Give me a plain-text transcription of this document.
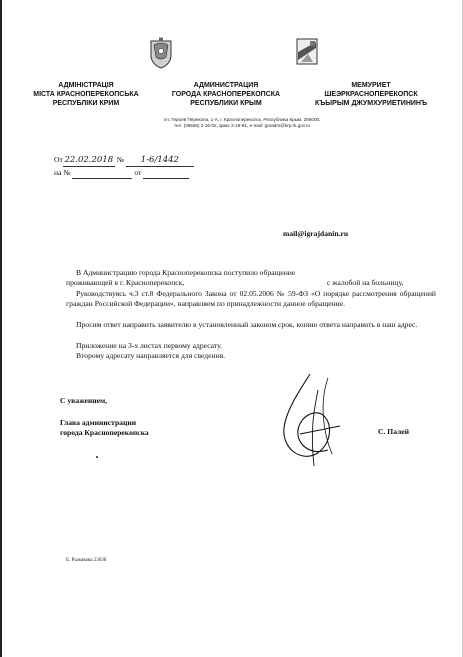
АДМІНІСТРАЦІЯ
МІСТА КРАСНОПЕРЕКОПСЬКА
РЕСПУБЛІКИ КРИМ
АДМИНИСТРАЦИЯ
ГОРОДА КРАСНОПЕРЕКОПСКА
РЕСПУБЛИКИ КРЫМ
МЕМУРИЕТ
ШЕЭРКРАСНОПЕРЕКОПСК
КЪЫРЫМ ДЖУМХУРИЕТИНИНЪ
пл. Героев Перекопа, 1-А, г. Красноперекопск, Республика Крым, 296000,
тел. (06565) 2-16-02, факс 2-18-91, e-mail: goradm@krp.rk.gov.ru
От 22.02.2018 № 1-6/1442
на №	от
mail@igrajdanin.ru
В Администрацию города Красноперекопска поступило обращение
проживающей в г. Красноперекопск,	с жалобой на больницу,
Руководствуясь ч.3 ст.8 Федерального Закона от 02.05.2006 № 59-ФЗ «О порядке рассмотрения обращений граждан Российской Федерации», направляем по принадлежности данное обращение.
Просим ответ направить заявителю в установленный законом срок, копию ответа направить в наш адрес.
Приложение на 3-х листах первому адресату.
Второму адресату направляется для сведения.
С уважением,
Глава администрации
города Красноперекопска	С. Палей
Е. Рыжакова 23638
